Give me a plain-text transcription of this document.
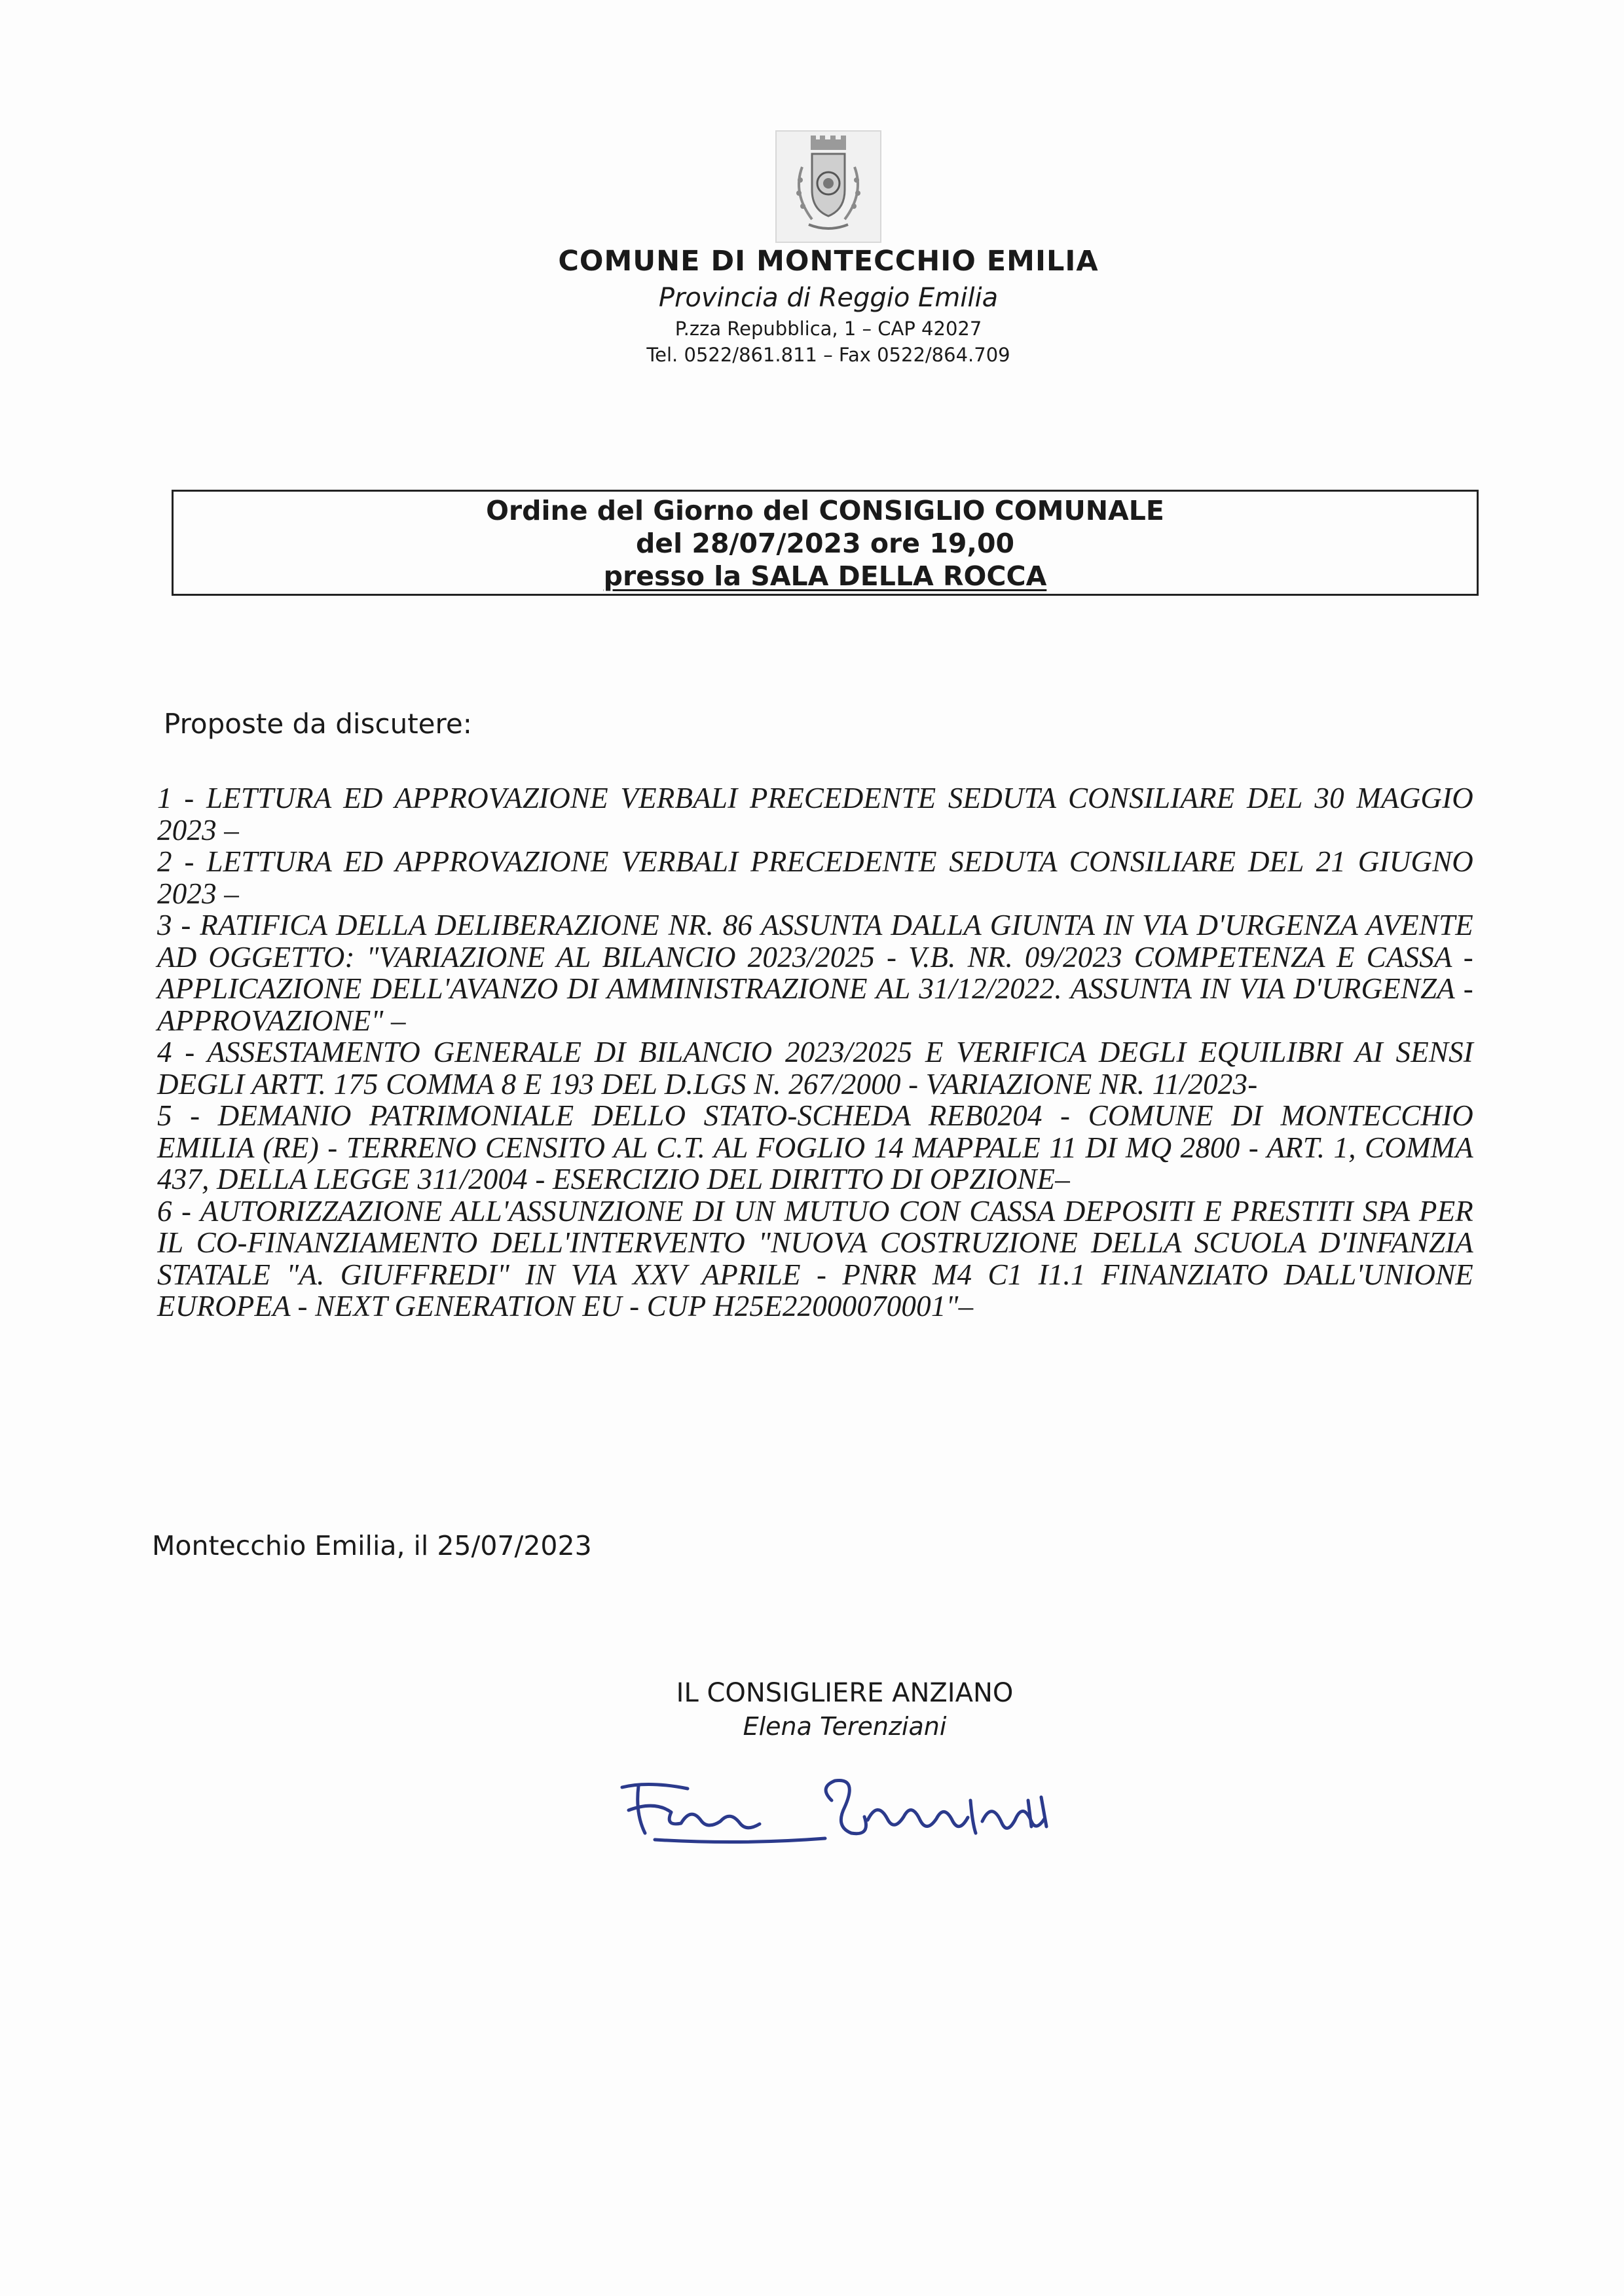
COMUNE DI MONTECCHIO EMILIA
Provincia di Reggio Emilia
P.zza Repubblica, 1 – CAP 42027
Tel. 0522/861.811 – Fax 0522/864.709
Ordine del Giorno del CONSIGLIO COMUNALE
del 28/07/2023 ore 19,00
presso la SALA DELLA ROCCA
Proposte da discutere:

1 - LETTURA ED APPROVAZIONE VERBALI PRECEDENTE SEDUTA CONSILIARE DEL 30 MAGGIO 2023 –

2 - LETTURA ED APPROVAZIONE VERBALI PRECEDENTE SEDUTA CONSILIARE DEL 21 GIUGNO 2023 –

3 - RATIFICA DELLA DELIBERAZIONE NR. 86 ASSUNTA DALLA GIUNTA IN VIA D'URGENZA AVENTE AD OGGETTO: "VARIAZIONE AL BILANCIO 2023/2025 - V.B. NR. 09/2023 COMPETENZA E CASSA - APPLICAZIONE DELL'AVANZO DI AMMINISTRAZIONE AL 31/12/2022. ASSUNTA IN VIA D'URGENZA - APPROVAZIONE" –

4 - ASSESTAMENTO GENERALE DI BILANCIO 2023/2025 E VERIFICA DEGLI EQUILIBRI AI SENSI DEGLI ARTT. 175 COMMA 8 E 193 DEL D.LGS N. 267/2000 - VARIAZIONE NR. 11/2023-

5 - DEMANIO PATRIMONIALE DELLO STATO-SCHEDA REB0204 - COMUNE DI MONTECCHIO EMILIA (RE) - TERRENO CENSITO AL C.T. AL FOGLIO 14 MAPPALE 11 DI MQ 2800 - ART. 1, COMMA 437, DELLA LEGGE 311/2004 - ESERCIZIO DEL DIRITTO DI OPZIONE–

6 - AUTORIZZAZIONE ALL'ASSUNZIONE DI UN MUTUO CON CASSA DEPOSITI E PRESTITI SPA PER IL CO-FINANZIAMENTO DELL'INTERVENTO "NUOVA COSTRUZIONE DELLA SCUOLA D'INFANZIA STATALE "A. GIUFFREDI" IN VIA XXV APRILE - PNRR M4 C1 I1.1 FINANZIATO DALL'UNIONE EUROPEA - NEXT GENERATION EU - CUP H25E22000070001"–

Montecchio Emilia, il 25/07/2023
IL CONSIGLIERE ANZIANO
Elena Terenziani
